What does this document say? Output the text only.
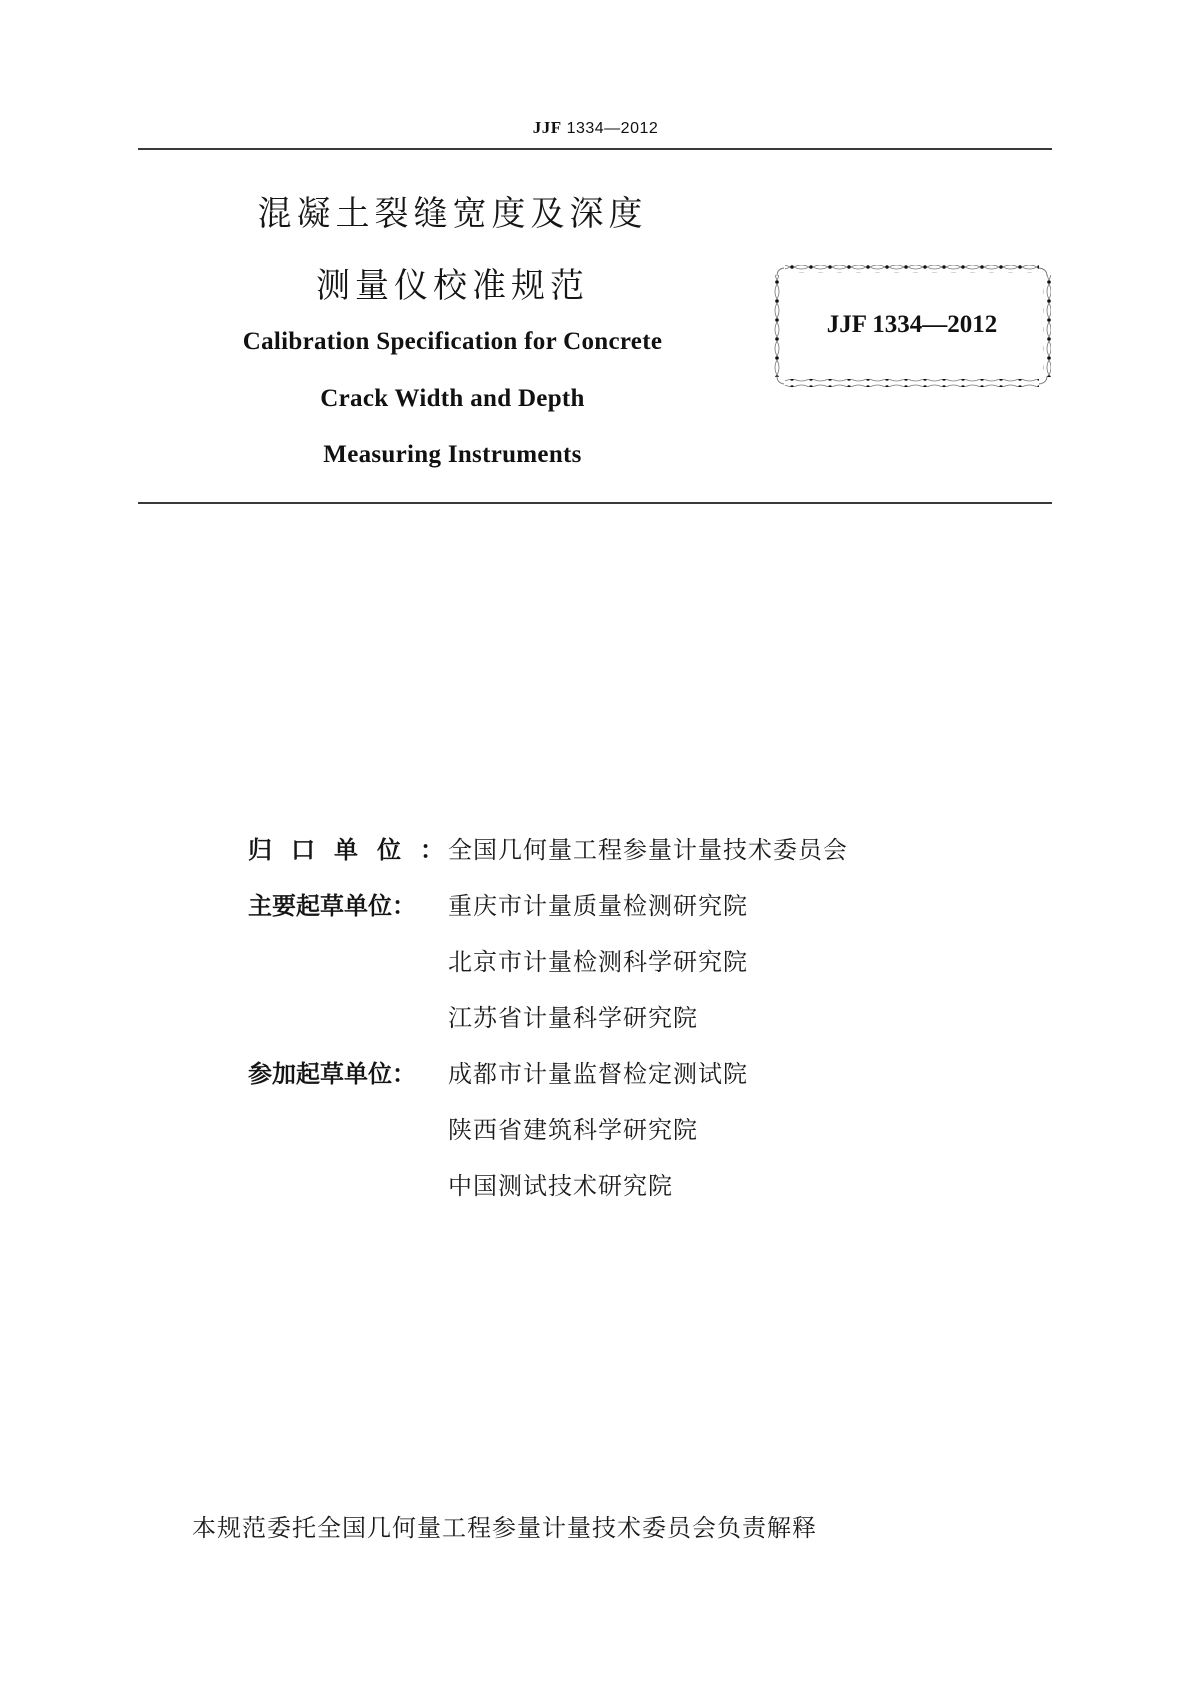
JJF 1334—2012
混凝土裂缝宽度及深度
测量仪校准规范
Calibration Specification for Concrete
Crack Width and Depth
Measuring Instruments
JJF 1334—2012
归口单位：全国几何量工程参量计量技术委员会
主要起草单位： 重庆市计量质量检测研究院
北京市计量检测科学研究院
江苏省计量科学研究院
参加起草单位： 成都市计量监督检定测试院
陕西省建筑科学研究院
中国测试技术研究院
本规范委托全国几何量工程参量计量技术委员会负责解释
